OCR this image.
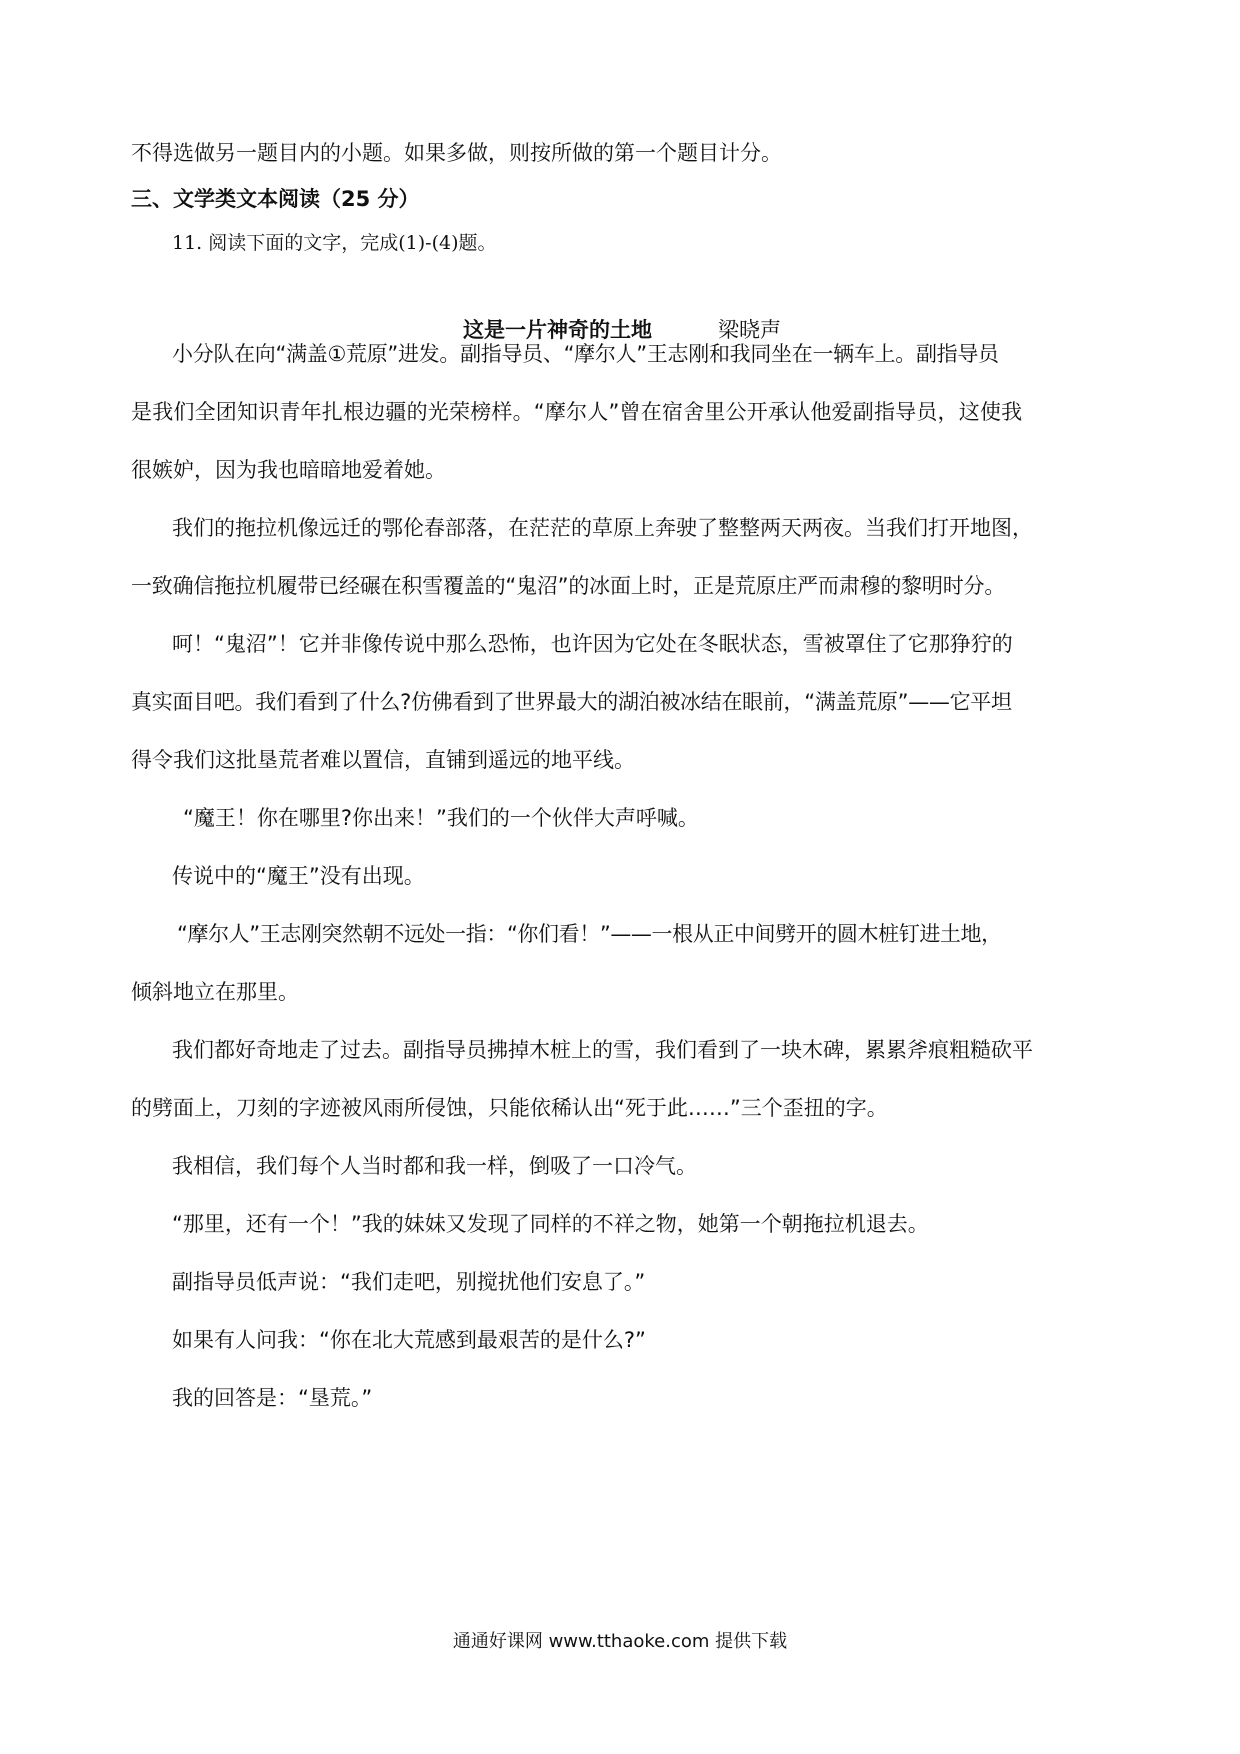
不得选做另一题目内的小题。如果多做，则按所做的第一个题目计分。

三、文学类文本阅读（25 分）

11. 阅读下面的文字，完成(1)-(4)题。

这是一片神奇的土地	梁晓声

小分队在向“满盖①荒原”进发。副指导员、“摩尔人”王志刚和我同坐在一辆车上。副指导员

是我们全团知识青年扎根边疆的光荣榜样。“摩尔人”曾在宿舍里公开承认他爱副指导员，这使我

很嫉妒，因为我也暗暗地爱着她。

我们的拖拉机像远迁的鄂伦春部落，在茫茫的草原上奔驶了整整两天两夜。当我们打开地图，

一致确信拖拉机履带已经碾在积雪覆盖的“鬼沼”的冰面上时，正是荒原庄严而肃穆的黎明时分。

呵！“鬼沼”！它并非像传说中那么恐怖，也许因为它处在冬眠状态，雪被罩住了它那狰狞的

真实面目吧。我们看到了什么?仿佛看到了世界最大的湖泊被冰结在眼前，“满盖荒原”——它平坦

得令我们这批垦荒者难以置信，直铺到遥远的地平线。

“魔王！你在哪里?你出来！”我们的一个伙伴大声呼喊。

传说中的“魔王”没有出现。

“摩尔人”王志刚突然朝不远处一指：“你们看！”——一根从正中间劈开的圆木桩钉进土地，

倾斜地立在那里。

我们都好奇地走了过去。副指导员拂掉木桩上的雪，我们看到了一块木碑，累累斧痕粗糙砍平

的劈面上，刀刻的字迹被风雨所侵蚀，只能依稀认出“死于此……”三个歪扭的字。

我相信，我们每个人当时都和我一样，倒吸了一口冷气。

“那里，还有一个！”我的妹妹又发现了同样的不祥之物，她第一个朝拖拉机退去。

副指导员低声说：“我们走吧，别搅扰他们安息了。”

如果有人问我：“你在北大荒感到最艰苦的是什么?”

我的回答是：“垦荒。”

通通好课网 www.tthaoke.com 提供下载
